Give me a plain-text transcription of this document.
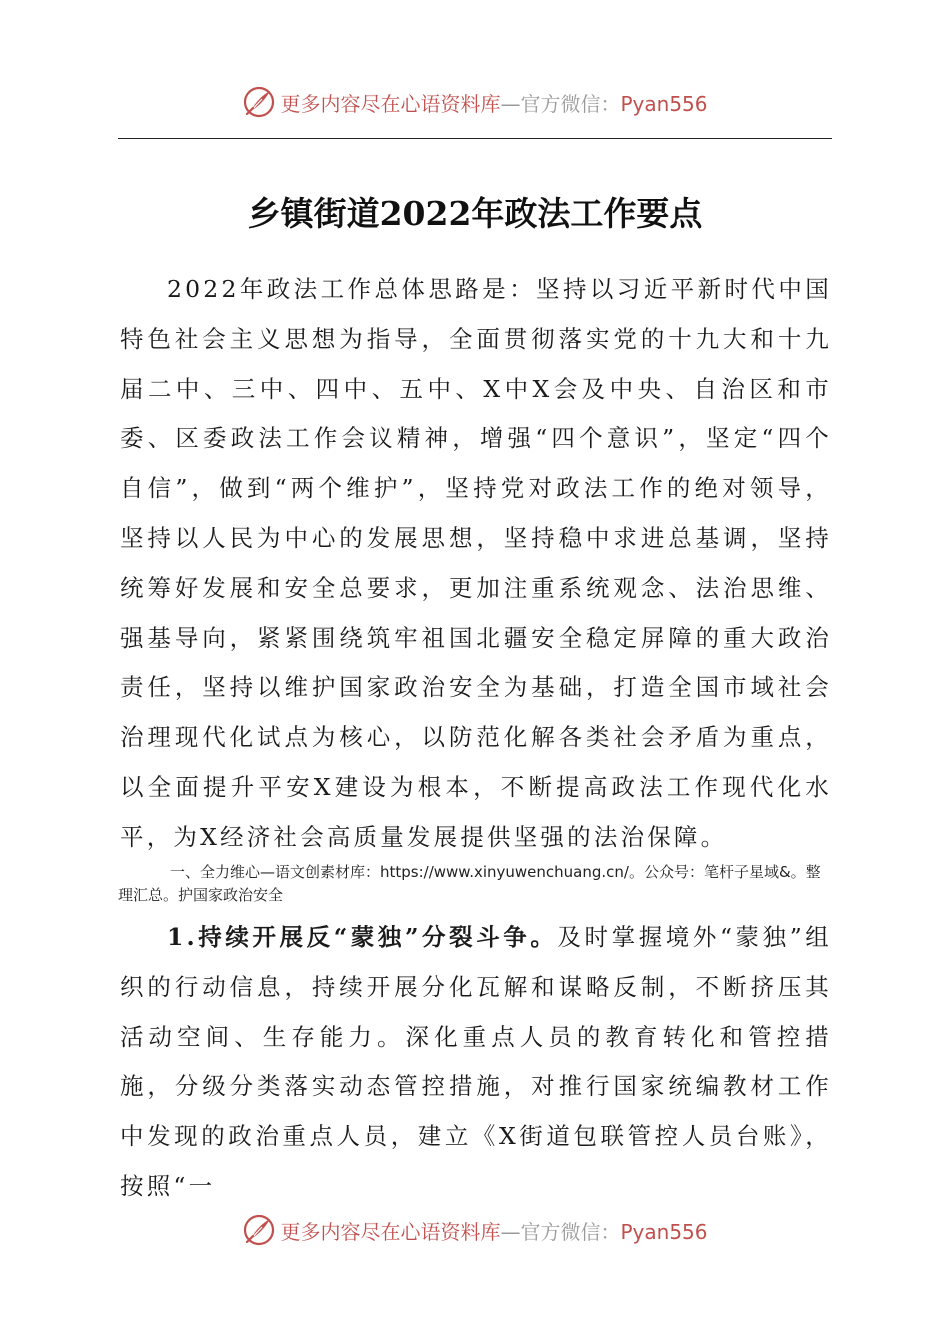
更多内容尽在心语资料库—官方微信：Pyan556
乡镇街道2022年政法工作要点

2022年政法工作总体思路是：坚持以习近平新时代中国特色社会主义思想为指导，全面贯彻落实党的十九大和十九届二中、三中、四中、五中、X中X会及中央、自治区和市委、区委政法工作会议精神，增强“四个意识”，坚定“四个自信”，做到“两个维护”，坚持党对政法工作的绝对领导，坚持以人民为中心的发展思想，坚持稳中求进总基调，坚持统筹好发展和安全总要求，更加注重系统观念、法治思维、强基导向，紧紧围绕筑牢祖国北疆安全稳定屏障的重大政治责任，坚持以维护国家政治安全为基础，打造全国市域社会治理现代化试点为核心，以防范化解各类社会矛盾为重点，以全面提升平安X建设为根本，不断提高政法工作现代化水平，为X经济社会高质量发展提供坚强的法治保障。

一、全力维心—语文创素材库：https://www.xinyuwenchuang.cn/。公众号：笔杆子星域&。整理汇总。护国家政治安全

1.持续开展反“蒙独”分裂斗争。及时掌握境外“蒙独”组织的行动信息，持续开展分化瓦解和谋略反制，不断挤压其活动空间、生存能力。深化重点人员的教育转化和管控措施，分级分类落实动态管控措施，对推行国家统编教材工作中发现的政治重点人员，建立《X街道包联管控人员台账》，按照“一

更多内容尽在心语资料库—官方微信：Pyan556
